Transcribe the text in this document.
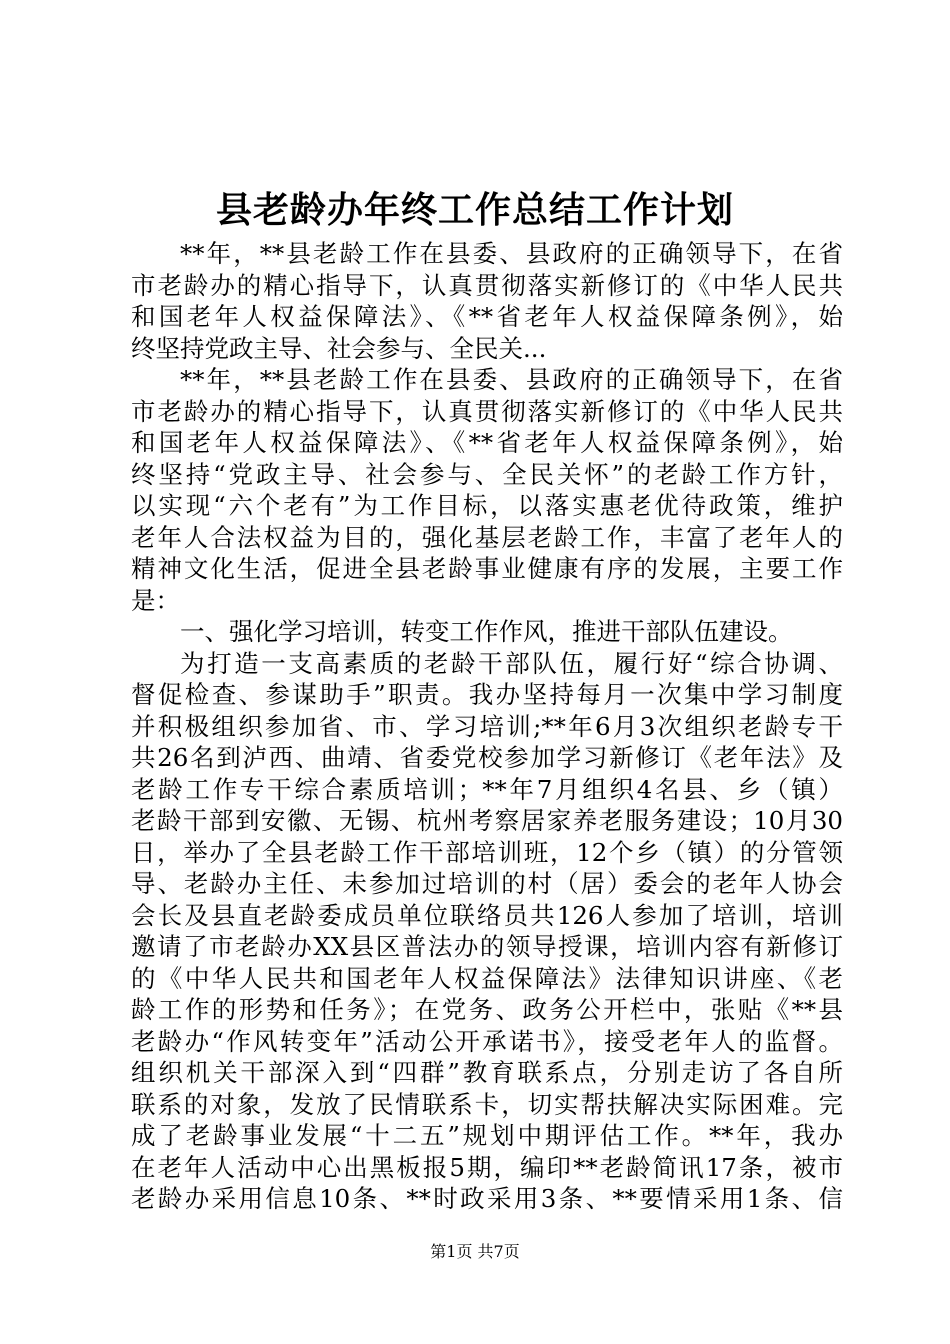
县老龄办年终工作总结工作计划
**年，**县老龄工作在县委、县政府的正确领导下，在省
市老龄办的精心指导下，认真贯彻落实新修订的《中华人民共
和国老年人权益保障法》、《**省老年人权益保障条例》，始
终坚持党政主导、社会参与、全民关...
**年，**县老龄工作在县委、县政府的正确领导下，在省
市老龄办的精心指导下，认真贯彻落实新修订的《中华人民共
和国老年人权益保障法》、《**省老年人权益保障条例》，始
终坚持“党政主导、社会参与、全民关怀”的老龄工作方针，
以实现“六个老有”为工作目标，以落实惠老优待政策，维护
老年人合法权益为目的，强化基层老龄工作，丰富了老年人的
精神文化生活，促进全县老龄事业健康有序的发展，主要工作
是：
一、强化学习培训，转变工作作风，推进干部队伍建设。
为打造一支高素质的老龄干部队伍，履行好“综合协调、
督促检查、参谋助手”职责。我办坚持每月一次集中学习制度
并积极组织参加省、市、学习培训;**年6月3次组织老龄专干
共26名到泸西、曲靖、省委党校参加学习新修订《老年法》及
老龄工作专干综合素质培训；**年7月组织4名县、乡（镇）
老龄干部到安徽、无锡、杭州考察居家养老服务建设；10月30
日，举办了全县老龄工作干部培训班，12个乡（镇）的分管领
导、老龄办主任、未参加过培训的村（居）委会的老年人协会
会长及县直老龄委成员单位联络员共126人参加了培训，培训
邀请了市老龄办XX县区普法办的领导授课，培训内容有新修订
的《中华人民共和国老年人权益保障法》法律知识讲座、《老
龄工作的形势和任务》；在党务、政务公开栏中，张贴《**县
老龄办“作风转变年”活动公开承诺书》，接受老年人的监督。
组织机关干部深入到“四群”教育联系点，分别走访了各自所
联系的对象，发放了民情联系卡，切实帮扶解决实际困难。完
成了老龄事业发展“十二五”规划中期评估工作。**年，我办
在老年人活动中心出黑板报5期，编印**老龄简讯17条，被市
老龄办采用信息10条、**时政采用3条、**要情采用1条、信
第1页 共7页
